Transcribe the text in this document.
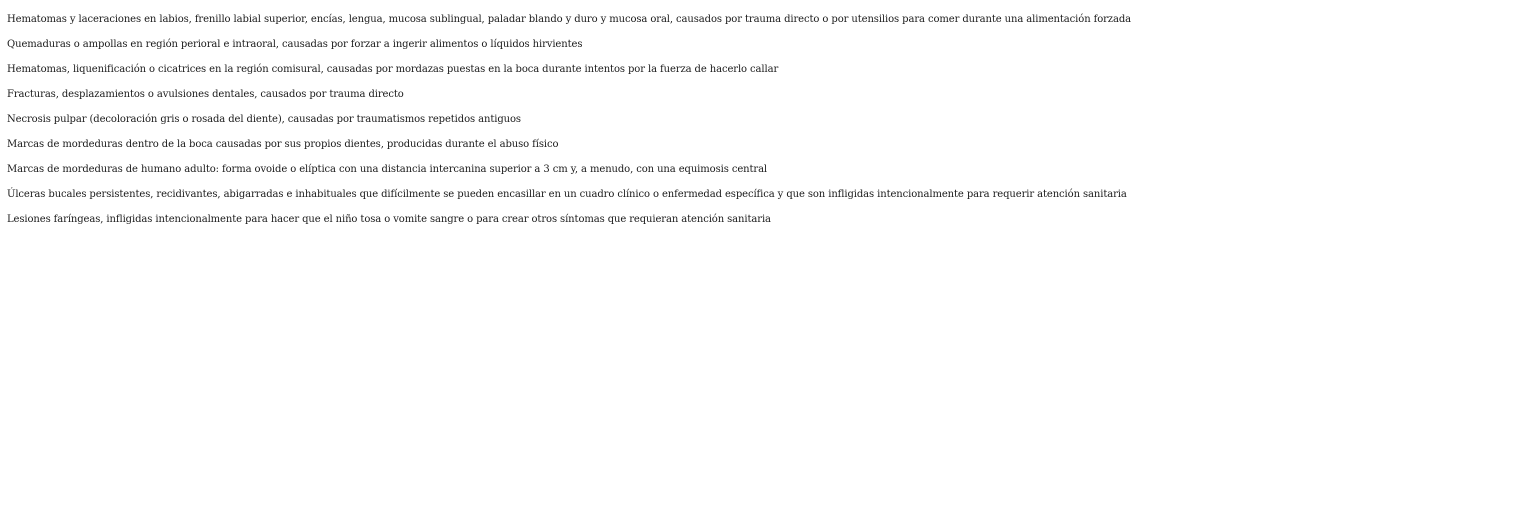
Hematomas y laceraciones en labios, frenillo labial superior, encías, lengua, mucosa sublingual, paladar blando y duro y mucosa oral, causados por trauma directo o por utensilios para comer durante una alimentación forzada
Quemaduras o ampollas en región perioral e intraoral, causadas por forzar a ingerir alimentos o líquidos hirvientes
Hematomas, liquenificación o cicatrices en la región comisural, causadas por mordazas puestas en la boca durante intentos por la fuerza de hacerlo callar
Fracturas, desplazamientos o avulsiones dentales, causados por trauma directo
Necrosis pulpar (decoloración gris o rosada del diente), causadas por traumatismos repetidos antiguos
Marcas de mordeduras dentro de la boca causadas por sus propios dientes, producidas durante el abuso físico
Marcas de mordeduras de humano adulto: forma ovoide o elíptica con una distancia intercanina superior a 3 cm y, a menudo, con una equimosis central
Úlceras bucales persistentes, recidivantes, abigarradas e inhabituales que difícilmente se pueden encasillar en un cuadro clínico o enfermedad específica y que son infligidas intencionalmente para requerir atención sanitaria
Lesiones faríngeas, infligidas intencionalmente para hacer que el niño tosa o vomite sangre o para crear otros síntomas que requieran atención sanitaria
